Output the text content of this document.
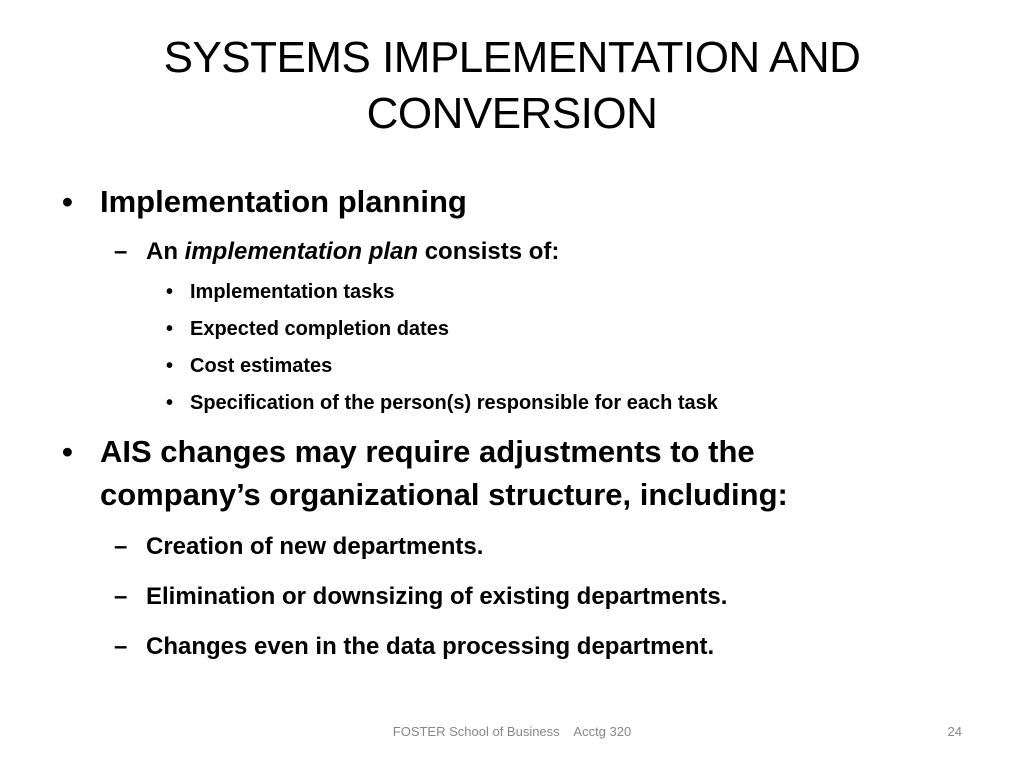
SYSTEMS IMPLEMENTATION AND
CONVERSION
• Implementation planning
– An implementation plan consists of:
• Implementation tasks
• Expected completion dates
• Cost estimates
• Specification of the person(s) responsible for each task
• AIS changes may require adjustments to the
company’s organizational structure, including:
– Creation of new departments.
– Elimination or downsizing of existing departments.
– Changes even in the data processing department.
FOSTER School of Business    Acctg 320	24
